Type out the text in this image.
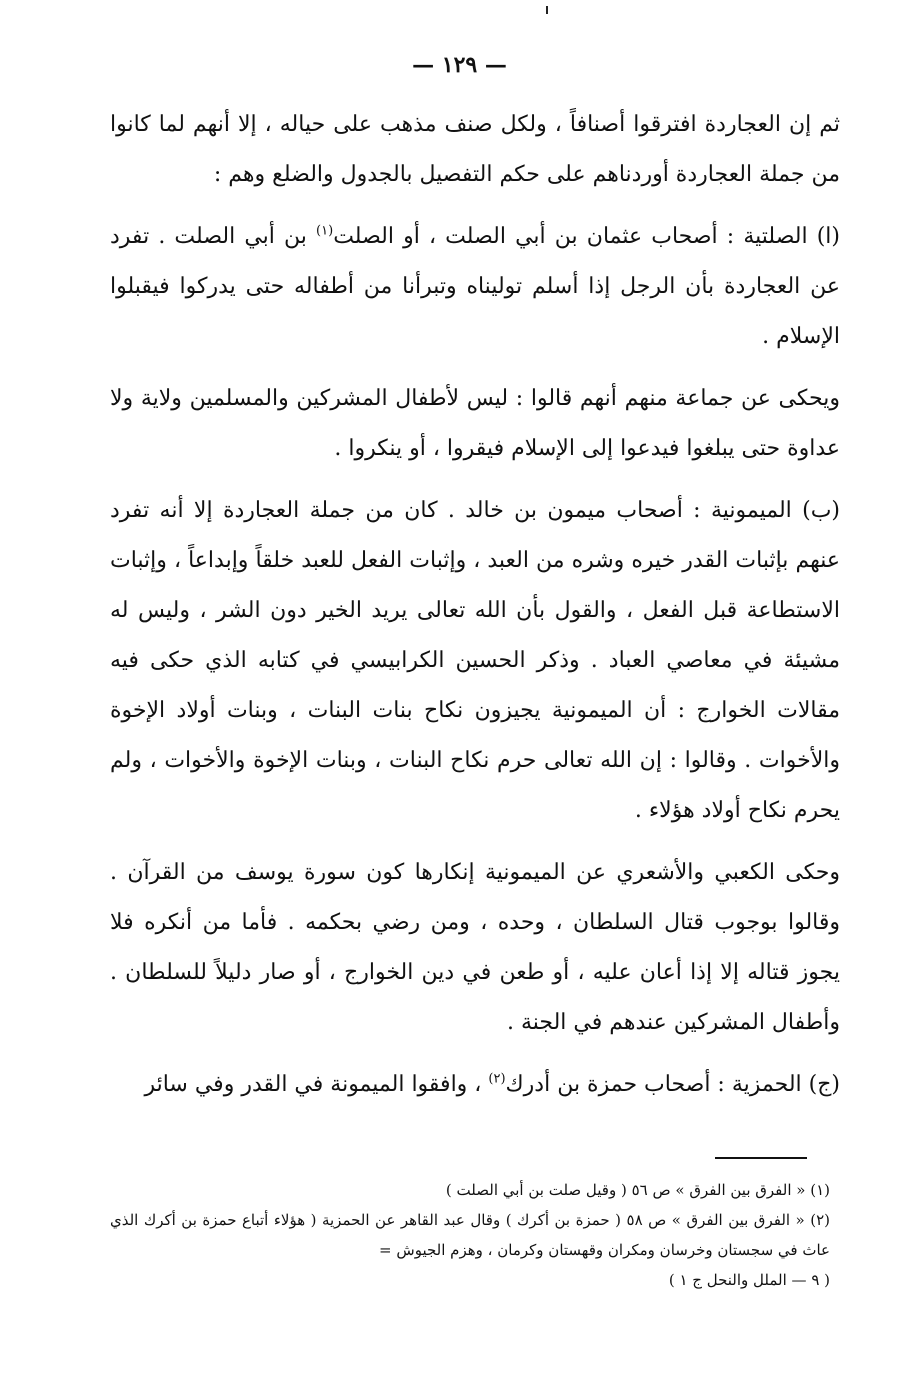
— ١٢٩ —

ثم إن العجاردة افترقوا أصنافاً ، ولكل صنف مذهب على حياله ، إلا أنهم لما كانوا من جملة العجاردة أوردناهم على حكم التفصيل بالجدول والضلع وهم :

(ا) الصلتية : أصحاب عثمان بن أبي الصلت ، أو الصلت$^{(١)}$ بن أبي الصلت . تفرد عن العجاردة بأن الرجل إذا أسلم توليناه وتبرأنا من أطفاله حتى يدركوا فيقبلوا الإسلام .

ويحكى عن جماعة منهم أنهم قالوا : ليس لأطفال المشركين والمسلمين ولاية ولا عداوة حتى يبلغوا فيدعوا إلى الإسلام فيقروا ، أو ينكروا .

(ب) الميمونية : أصحاب ميمون بن خالد . كان من جملة العجاردة إلا أنه تفرد عنهم بإثبات القدر خيره وشره من العبد ، وإثبات الفعل للعبد خلقاً وإبداعاً ، وإثبات الاستطاعة قبل الفعل ، والقول بأن الله تعالى يريد الخير دون الشر ، وليس له مشيئة في معاصي العباد . وذكر الحسين الكرابيسي في كتابه الذي حكى فيه مقالات الخوارج : أن الميمونية يجيزون نكاح بنات البنات ، وبنات أولاد الإخوة والأخوات . وقالوا : إن الله تعالى حرم نكاح البنات ، وبنات الإخوة والأخوات ، ولم يحرم نكاح أولاد هؤلاء .

وحكى الكعبي والأشعري عن الميمونية إنكارها كون سورة يوسف من القرآن . وقالوا بوجوب قتال السلطان ، وحده ، ومن رضي بحكمه . فأما من أنكره فلا يجوز قتاله إلا إذا أعان عليه ، أو طعن في دين الخوارج ، أو صار دليلاً للسلطان . وأطفال المشركين عندهم في الجنة .

(ج) الحمزية : أصحاب حمزة بن أدرك$^{(٢)}$ ، وافقوا الميمونة في القدر وفي سائر

(١) « الفرق بين الفرق » ص ٥٦ ( وقيل صلت بن أبي الصلت )

(٢) « الفرق بين الفرق » ص ٥٨ ( حمزة بن أكرك ) وقال عبد القاهر عن الحمزية ( هؤلاء أتباع حمزة بن أكرك الذي عاث في سجستان وخرسان ومكران وقهستان وكرمان ، وهزم الجيوش =

( ٩ — الملل والنحل ج ١ )
